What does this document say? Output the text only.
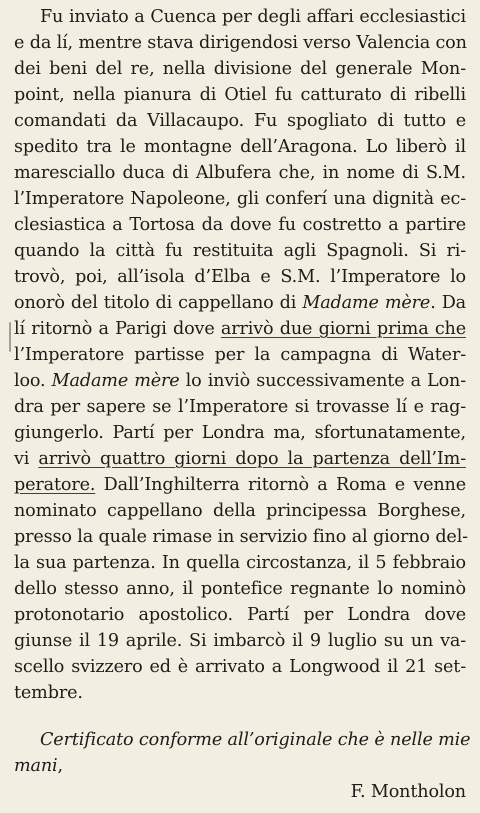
Fu inviato a Cuenca per degli affari ecclesiastici
e da lí, mentre stava dirigendosi verso Valencia con
dei beni del re, nella divisione del generale Mon-
point, nella pianura di Otiel fu catturato di ribelli
comandati da Villacaupo. Fu spogliato di tutto e
spedito tra le montagne dell’Aragona. Lo liberò il
maresciallo duca di Albufera che, in nome di S.M.
l’Imperatore Napoleone, gli conferí una dignità ec-
clesiastica a Tortosa da dove fu costretto a partire
quando la città fu restituita agli Spagnoli. Si ri-
trovò, poi, all’isola d’Elba e S.M. l’Imperatore lo
onorò del titolo di cappellano di Madame mère. Da
lí ritornò a Parigi dove arrivò due giorni prima che
l’Imperatore partisse per la campagna di Water-
loo. Madame mère lo inviò successivamente a Lon-
dra per sapere se l’Imperatore si trovasse lí e rag-
giungerlo. Partí per Londra ma, sfortunatamente,
vi arrivò quattro giorni dopo la partenza dell’Im-
peratore. Dall’Inghilterra ritornò a Roma e venne
nominato cappellano della principessa Borghese,
presso la quale rimase in servizio fino al giorno del-
la sua partenza. In quella circostanza, il 5 febbraio
dello stesso anno, il pontefice regnante lo nominò
protonotario apostolico. Partí per Londra dove
giunse il 19 aprile. Si imbarcò il 9 luglio su un va-
scello svizzero ed è arrivato a Longwood il 21 set-
tembre.
Certificato conforme all’originale che è nelle mie
mani,
F. Montholon
